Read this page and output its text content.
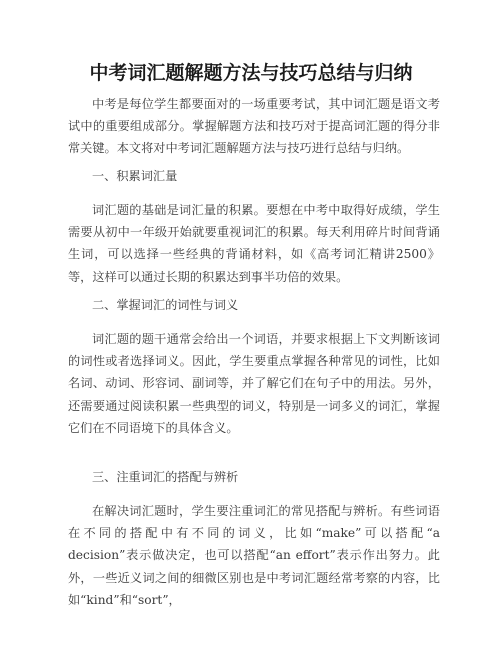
中考词汇题解题方法与技巧总结与归纳

中考是每位学生都要面对的一场重要考试，其中词汇题是语文考试中的重要组成部分。掌握解题方法和技巧对于提高词汇题的得分非常关键。本文将对中考词汇题解题方法与技巧进行总结与归纳。

一、积累词汇量

词汇题的基础是词汇量的积累。要想在中考中取得好成绩，学生需要从初中一年级开始就要重视词汇的积累。每天利用碎片时间背诵生词，可以选择一些经典的背诵材料，如《高考词汇精讲2500》等，这样可以通过长期的积累达到事半功倍的效果。

二、掌握词汇的词性与词义

词汇题的题干通常会给出一个词语，并要求根据上下文判断该词的词性或者选择词义。因此，学生要重点掌握各种常见的词性，比如名词、动词、形容词、副词等，并了解它们在句子中的用法。另外，还需要通过阅读积累一些典型的词义，特别是一词多义的词汇，掌握它们在不同语境下的具体含义。

三、注重词汇的搭配与辨析

在解决词汇题时，学生要注重词汇的常见搭配与辨析。有些词语在不同的搭配中有不同的词义，比如“make”可以搭配“a decision”表示做决定，也可以搭配“an effort”表示作出努力。此外，一些近义词之间的细微区别也是中考词汇题经常考察的内容，比如“kind”和“sort”，
